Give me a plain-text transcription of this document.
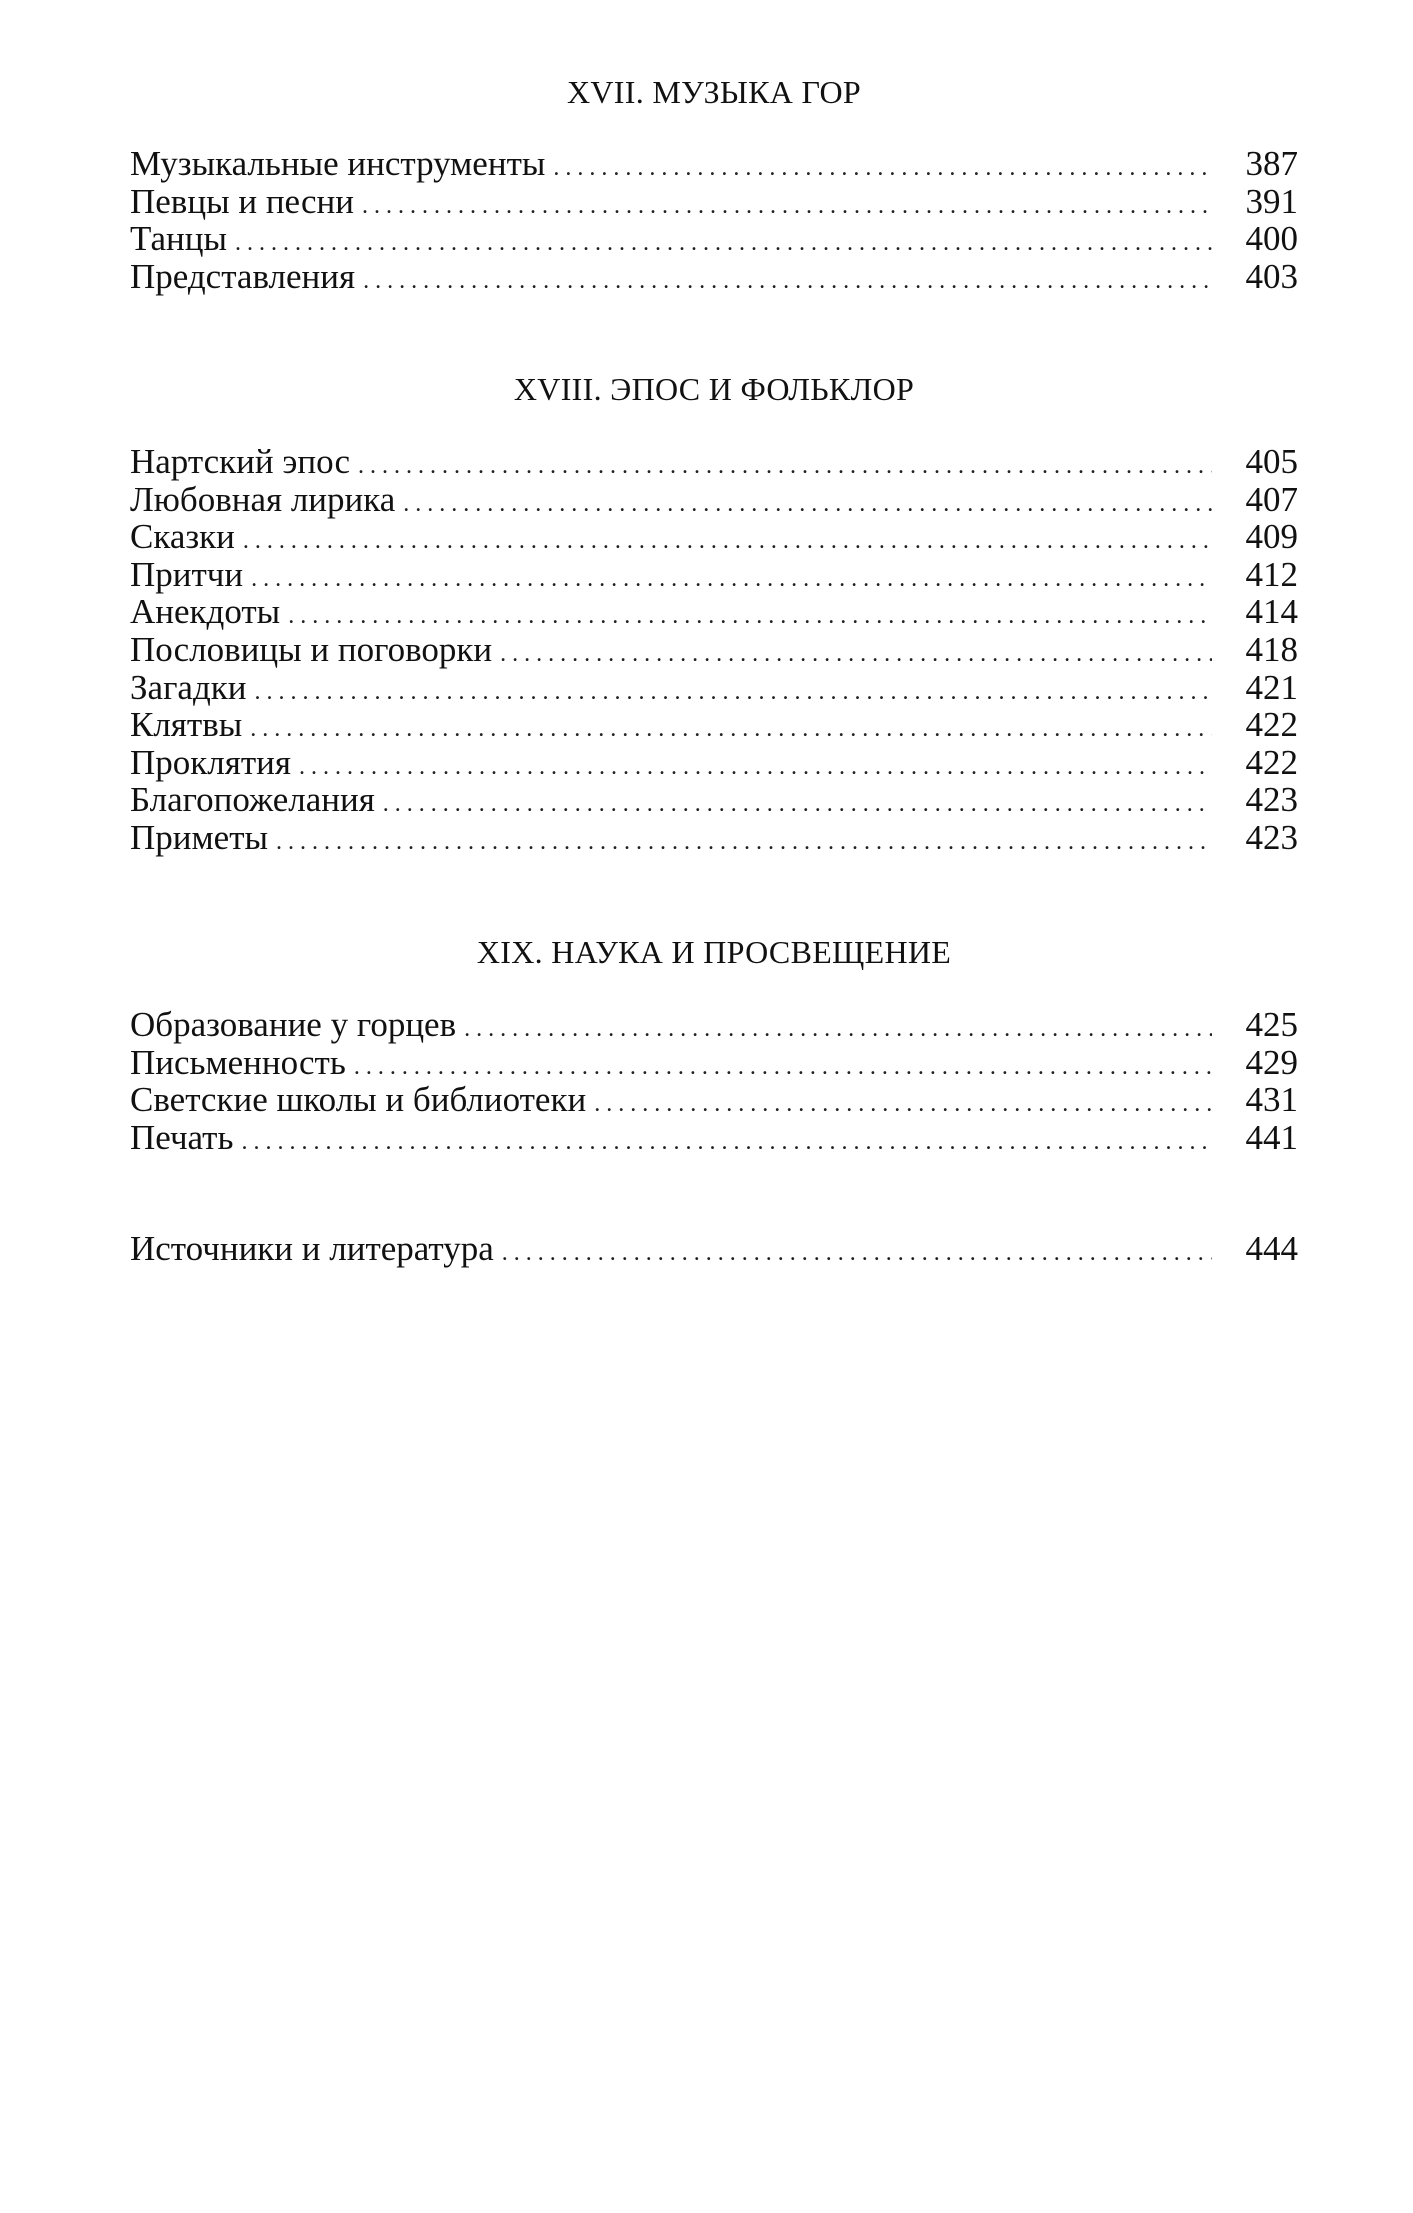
XVII. МУЗЫКА ГОР
Музыкальные инструменты . . .	387
Певцы и песни . . .	391
Танцы . . .	400
Представления . . .	403
XVIII. ЭПОС И ФОЛЬКЛОР
Нартский эпос . . .	405
Любовная лирика . . .	407
Сказки . . .	409
Притчи . . .	412
Анекдоты . . .	414
Пословицы и поговорки . . .	418
Загадки . . .	421
Клятвы . . .	422
Проклятия . . .	422
Благопожелания . . .	423
Приметы . . .	423
XIX. НАУКА И ПРОСВЕЩЕНИЕ
Образование у горцев . . .	425
Письменность . . .	429
Светские школы и библиотеки . . .	431
Печать . . .	441
Источники и литература . . .	444
